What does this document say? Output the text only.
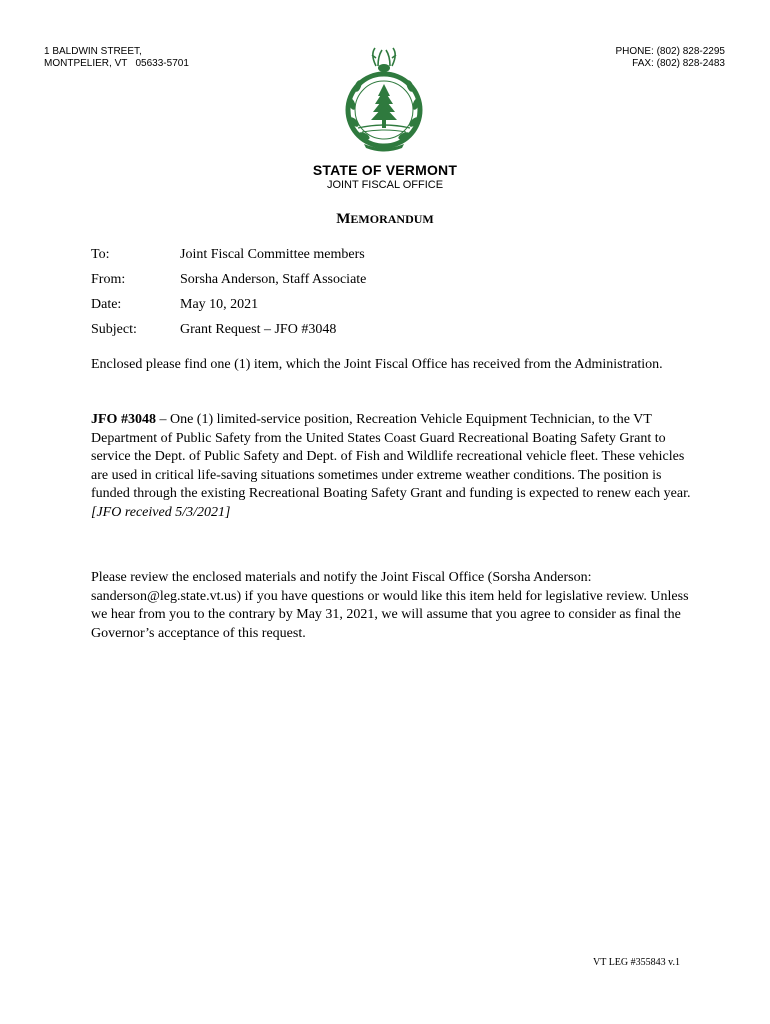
1 BALDWIN STREET,
MONTPELIER, VT   05633-5701
PHONE: (802) 828-2295
FAX: (802) 828-2483
STATE OF VERMONT
JOINT FISCAL OFFICE
MEMORANDUM
To:	Joint Fiscal Committee members
From:	Sorsha Anderson, Staff Associate
Date:	May 10, 2021
Subject:	Grant Request – JFO #3048
Enclosed please find one (1) item, which the Joint Fiscal Office has received from the Administration.
JFO #3048 – One (1) limited-service position, Recreation Vehicle Equipment Technician, to the VT Department of Public Safety from the United States Coast Guard Recreational Boating Safety Grant to service the Dept. of Public Safety and Dept. of Fish and Wildlife recreational vehicle fleet. These vehicles are used in critical life-saving situations sometimes under extreme weather conditions. The position is funded through the existing Recreational Boating Safety Grant and funding is expected to renew each year.
[JFO received 5/3/2021]
Please review the enclosed materials and notify the Joint Fiscal Office (Sorsha Anderson: sanderson@leg.state.vt.us) if you have questions or would like this item held for legislative review. Unless we hear from you to the contrary by May 31, 2021, we will assume that you agree to consider as final the Governor’s acceptance of this request.
VT LEG #355843 v.1
